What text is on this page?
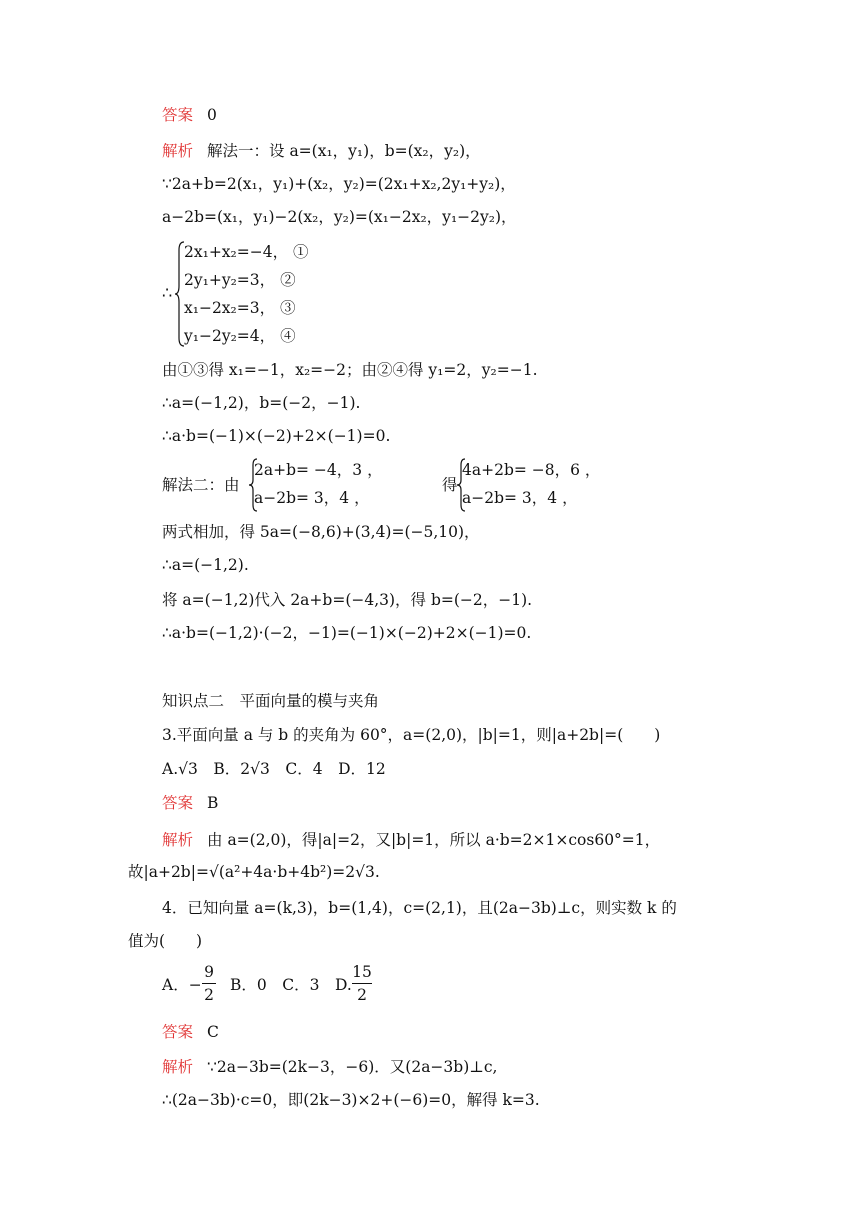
答案 0
解析 解法一：设 a=(x₁，y₁)，b=(x₂，y₂)，
∵2a+b=2(x₁，y₁)+(x₂，y₂)=(2x₁+x₂,2y₁+y₂)，
a−2b=(x₁，y₁)−2(x₂，y₂)=(x₁−2x₂，y₁−2y₂)，
∴
2x₁+x₂=−4， ①
2y₁+y₂=3， ②
x₁−2x₂=3， ③
y₁−2y₂=4， ④
由①③得 x₁=−1，x₂=−2；由②④得 y₁=2，y₂=−1.
∴a=(−1,2)，b=(−2，−1).
∴a·b=(−1)×(−2)+2×(−1)=0.
解法二：由
2a+b= −4，3 ，
a−2b= 3，4 ，
得
4a+2b= −8，6 ，
a−2b= 3，4 ，
两式相加，得 5a=(−8,6)+(3,4)=(−5,10)，
∴a=(−1,2).
将 a=(−1,2)代入 2a+b=(−4,3)，得 b=(−2，−1).
∴a·b=(−1,2)·(−2，−1)=(−1)×(−2)+2×(−1)=0.
知识点二　平面向量的模与夹角
3.平面向量 a 与 b 的夹角为 60°，a=(2,0)，|b|=1，则|a+2b|=(　　)
A.√3　B．2√3　C．4　D．12
答案 B
解析 由 a=(2,0)，得|a|=2，又|b|=1，所以 a·b=2×1×cos60°=1，
故|a+2b|=√(a²+4a·b+4b²)=2√3.
4．已知向量 a=(k,3)，b=(1,4)，c=(2,1)，且(2a−3b)⊥c，则实数 k 的
值为(　　)
A．−
9
2
B．0　C．3　D.
15
2
答案 C
解析 ∵2a−3b=(2k−3，−6)．又(2a−3b)⊥c,
∴(2a−3b)·c=0，即(2k−3)×2+(−6)=0，解得 k=3.
